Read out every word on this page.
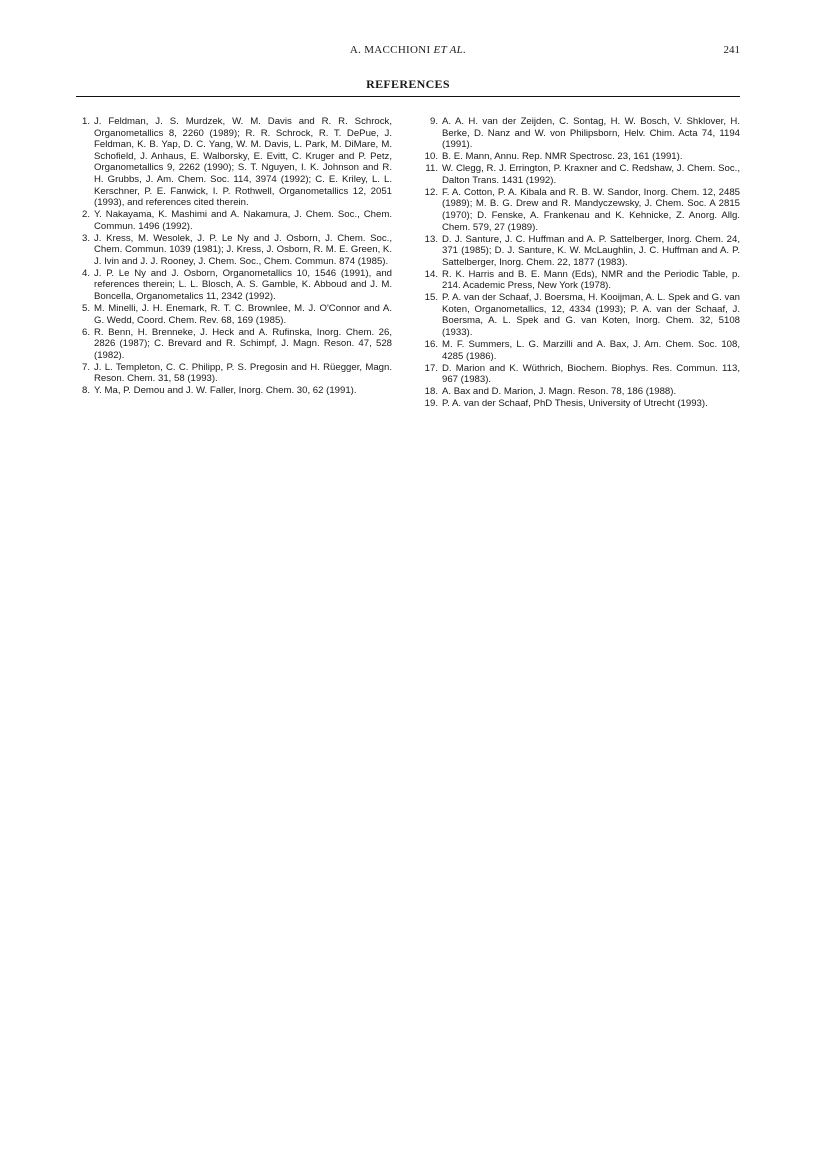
A. MACCHIONI ET AL.	241
REFERENCES
1. J. Feldman, J. S. Murdzek, W. M. Davis and R. R. Schrock, Organometallics 8, 2260 (1989); R. R. Schrock, R. T. DePue, J. Feldman, K. B. Yap, D. C. Yang, W. M. Davis, L. Park, M. DiMare, M. Schofield, J. Anhaus, E. Walborsky, E. Evitt, C. Kruger and P. Petz, Organometallics 9, 2262 (1990); S. T. Nguyen, I. K. Johnson and R. H. Grubbs, J. Am. Chem. Soc. 114, 3974 (1992); C. E. Kriley, L. L. Kerschner, P. E. Fanwick, I. P. Rothwell, Organometallics 12, 2051 (1993), and references cited therein.
2. Y. Nakayama, K. Mashimi and A. Nakamura, J. Chem. Soc., Chem. Commun. 1496 (1992).
3. J. Kress, M. Wesolek, J. P. Le Ny and J. Osborn, J. Chem. Soc., Chem. Commun. 1039 (1981); J. Kress, J. Osborn, R. M. E. Green, K. J. Ivin and J. J. Rooney, J. Chem. Soc., Chem. Commun. 874 (1985).
4. J. P. Le Ny and J. Osborn, Organometallics 10, 1546 (1991), and references therein; L. L. Blosch, A. S. Gamble, K. Abboud and J. M. Boncella, Organometalics 11, 2342 (1992).
5. M. Minelli, J. H. Enemark, R. T. C. Brownlee, M. J. O'Connor and A. G. Wedd, Coord. Chem. Rev. 68, 169 (1985).
6. R. Benn, H. Brenneke, J. Heck and A. Rufinska, Inorg. Chem. 26, 2826 (1987); C. Brevard and R. Schimpf, J. Magn. Reson. 47, 528 (1982).
7. J. L. Templeton, C. C. Philipp, P. S. Pregosin and H. Rüegger, Magn. Reson. Chem. 31, 58 (1993).
8. Y. Ma, P. Demou and J. W. Faller, Inorg. Chem. 30, 62 (1991).
9. A. A. H. van der Zeijden, C. Sontag, H. W. Bosch, V. Shklover, H. Berke, D. Nanz and W. von Philipsborn, Helv. Chim. Acta 74, 1194 (1991).
10. B. E. Mann, Annu. Rep. NMR Spectrosc. 23, 161 (1991).
11. W. Clegg, R. J. Errington, P. Kraxner and C. Redshaw, J. Chem. Soc., Dalton Trans. 1431 (1992).
12. F. A. Cotton, P. A. Kibala and R. B. W. Sandor, Inorg. Chem. 12, 2485 (1989); M. B. G. Drew and R. Mandyczewsky, J. Chem. Soc. A 2815 (1970); D. Fenske, A. Frankenau and K. Kehnicke, Z. Anorg. Allg. Chem. 579, 27 (1989).
13. D. J. Santure, J. C. Huffman and A. P. Sattelberger, Inorg. Chem. 24, 371 (1985); D. J. Santure, K. W. McLaughlin, J. C. Huffman and A. P. Sattelberger, Inorg. Chem. 22, 1877 (1983).
14. R. K. Harris and B. E. Mann (Eds), NMR and the Periodic Table, p. 214. Academic Press, New York (1978).
15. P. A. van der Schaaf, J. Boersma, H. Kooijman, A. L. Spek and G. van Koten, Organometallics, 12, 4334 (1993); P. A. van der Schaaf, J. Boersma, A. L. Spek and G. van Koten, Inorg. Chem. 32, 5108 (1933).
16. M. F. Summers, L. G. Marzilli and A. Bax, J. Am. Chem. Soc. 108, 4285 (1986).
17. D. Marion and K. Wüthrich, Biochem. Biophys. Res. Commun. 113, 967 (1983).
18. A. Bax and D. Marion, J. Magn. Reson. 78, 186 (1988).
19. P. A. van der Schaaf, PhD Thesis, University of Utrecht (1993).
